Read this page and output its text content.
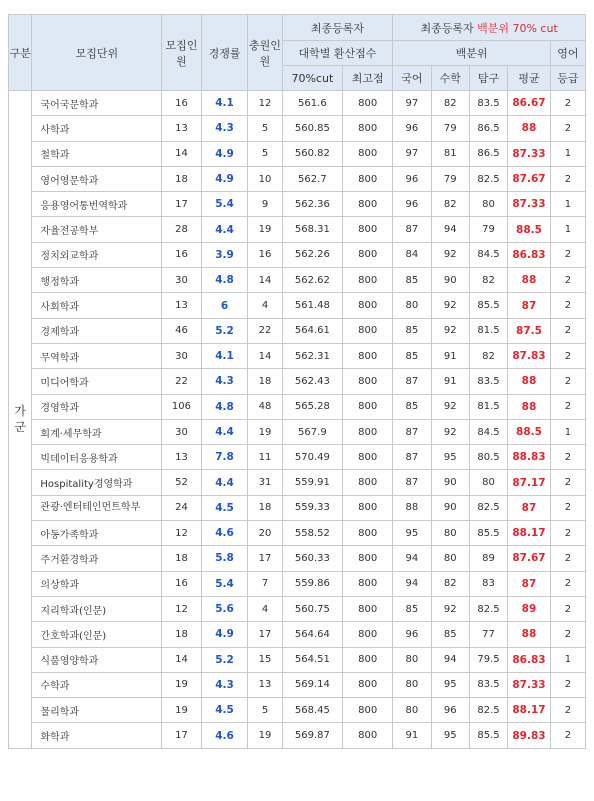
구분	모집단위	모집인원	경쟁률	충원인원	최종등록자		최종등록자 백분위 70% cut				
					대학별 환산점수		백분위				영어
					70%cut	최고점	국어	수학	탐구	평균	등급
가군	국어국문학과	16	4.1	12	561.6	800	97	82	83.5	86.67	2
	사학과	13	4.3	5	560.85	800	96	79	86.5	88	2
	철학과	14	4.9	5	560.82	800	97	81	86.5	87.33	1
	영어영문학과	18	4.9	10	562.7	800	96	79	82.5	87.67	2
	응용영어통번역학과	17	5.4	9	562.36	800	96	82	80	87.33	1
	자율전공학부	28	4.4	19	568.31	800	87	94	79	88.5	1
	정치외교학과	16	3.9	16	562.26	800	84	92	84.5	86.83	2
	행정학과	30	4.8	14	562.62	800	85	90	82	88	2
	사회학과	13	6	4	561.48	800	80	92	85.5	87	2
	경제학과	46	5.2	22	564.61	800	85	92	81.5	87.5	2
	무역학과	30	4.1	14	562.31	800	85	91	82	87.83	2
	미디어학과	22	4.3	18	562.43	800	87	91	83.5	88	2
	경영학과	106	4.8	48	565.28	800	85	92	81.5	88	2
	회계·세무학과	30	4.4	19	567.9	800	87	92	84.5	88.5	1
	빅데이터응용학과	13	7.8	11	570.49	800	87	95	80.5	88.83	2
	Hospitality경영학과	52	4.4	31	559.91	800	87	90	80	87.17	2
	관광·엔터테인먼트학부	24	4.5	18	559.33	800	88	90	82.5	87	2
	아동가족학과	12	4.6	20	558.52	800	95	80	85.5	88.17	2
	주거환경학과	18	5.8	17	560.33	800	94	80	89	87.67	2
	의상학과	16	5.4	7	559.86	800	94	82	83	87	2
	지리학과(인문)	12	5.6	4	560.75	800	85	92	82.5	89	2
	간호학과(인문)	18	4.9	17	564.64	800	96	85	77	88	2
	식품영양학과	14	5.2	15	564.51	800	80	94	79.5	86.83	1
	수학과	19	4.3	13	569.14	800	80	95	83.5	87.33	2
	물리학과	19	4.5	5	568.45	800	80	96	82.5	88.17	2
	화학과	17	4.6	19	569.87	800	91	95	85.5	89.83	2
